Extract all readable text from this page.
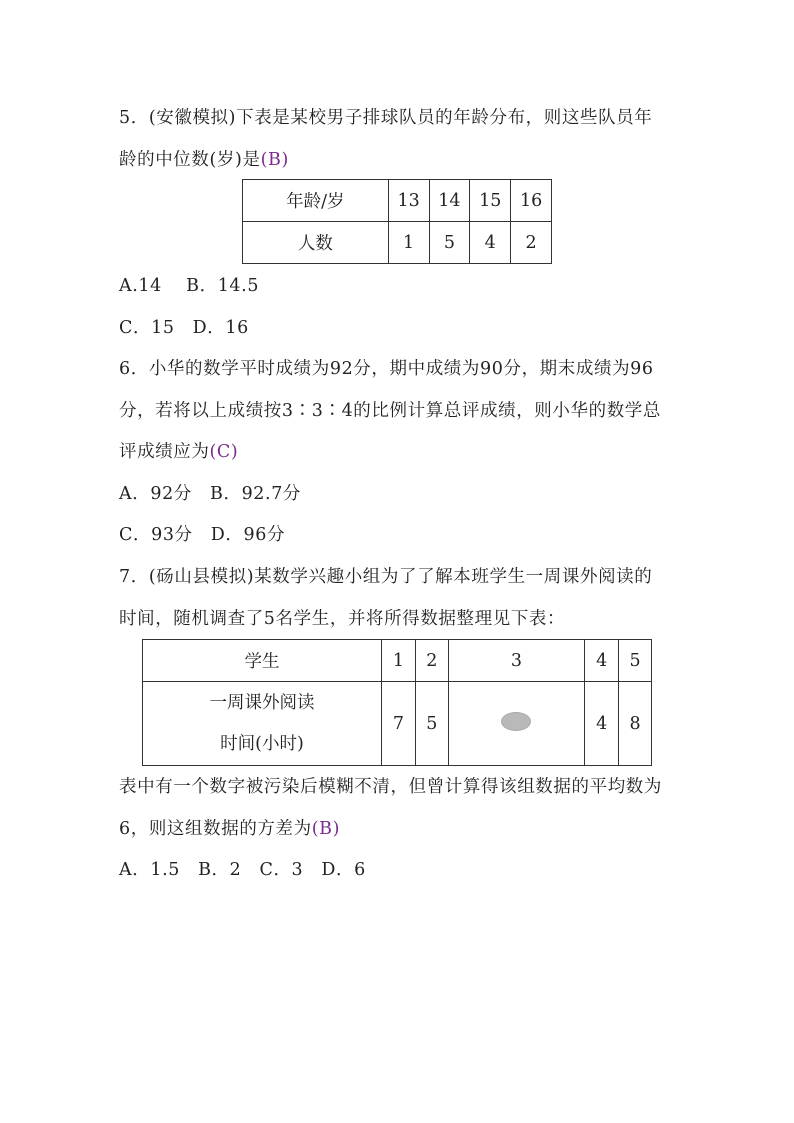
5．(安徽模拟)下表是某校男子排球队员的年龄分布，则这些队员年
龄的中位数(岁)是(B)
年龄/岁	13	14	15	16
人数	1	5	4	2
A.14　 B．14.5
C．15　D．16
6．小华的数学平时成绩为92分，期中成绩为90分，期末成绩为96
分，若将以上成绩按3∶3∶4的比例计算总评成绩，则小华的数学总
评成绩应为(C)
A．92分　B．92.7分
C．93分　D．96分
7．(砀山县模拟)某数学兴趣小组为了了解本班学生一周课外阅读的
时间，随机调查了5名学生，并将所得数据整理见下表：
学生	1	2	3	4	5

一周课外阅读
时间(小时)	7	5		4	8
表中有一个数字被污染后模糊不清，但曾计算得该组数据的平均数为
6，则这组数据的方差为(B)
A．1.5　B．2　C．3　D．6
